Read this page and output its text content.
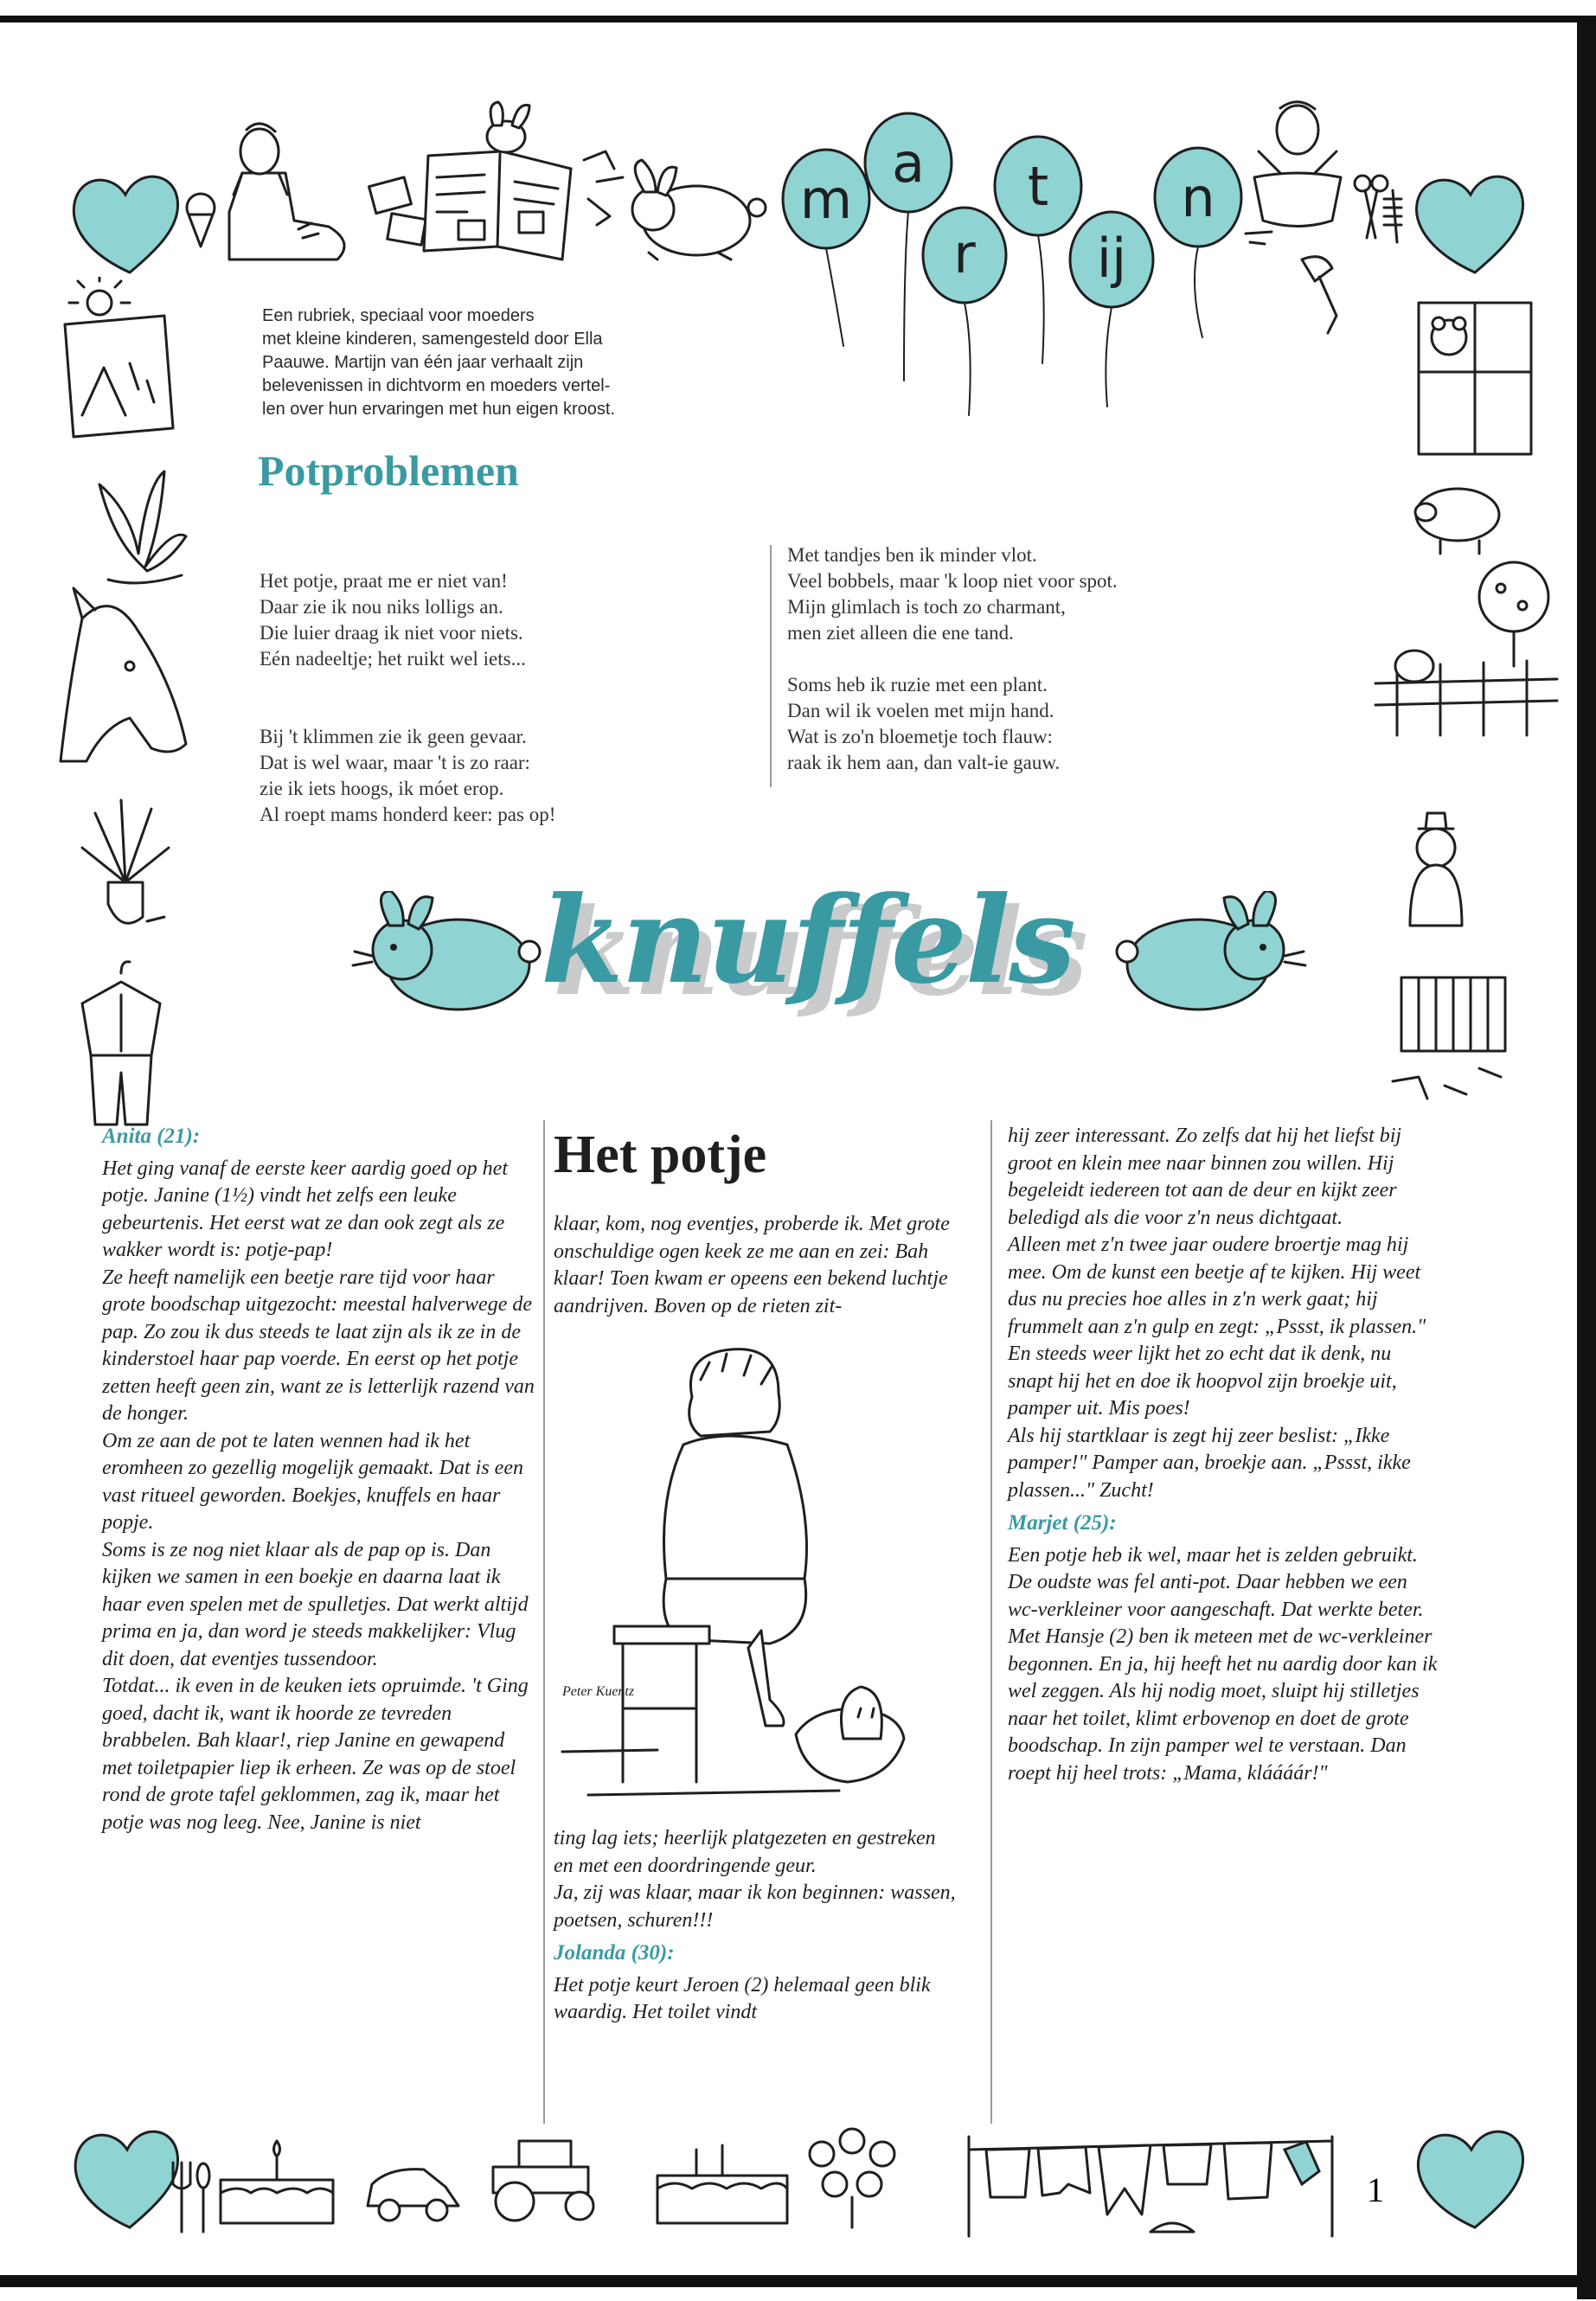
m
a
r
t
ij
n
Een rubriek, speciaal voor moeders
met kleine kinderen, samengesteld door Ella
Paauwe. Martijn van één jaar verhaalt zijn
belevenissen in dichtvorm en moeders vertel-
len over hun ervaringen met hun eigen kroost.
Potproblemen

Het potje, praat me er niet van!
Daar zie ik nou niks lolligs an.
Die luier draag ik niet voor niets.
Eén nadeeltje; het ruikt wel iets...

Bij 't klimmen zie ik geen gevaar.
Dat is wel waar, maar 't is zo raar:
zie ik iets hoogs, ik móet erop.
Al roept mams honderd keer: pas op!
Met tandjes ben ik minder vlot.
Veel bobbels, maar 'k loop niet voor spot.
Mijn glimlach is toch zo charmant,
men ziet alleen die ene tand.
Soms heb ik ruzie met een plant.
Dan wil ik voelen met mijn hand.
Wat is zo'n bloemetje toch flauw:
raak ik hem aan, dan valt-ie gauw.
knuffels

Anita (21):

Het ging vanaf de eerste keer aardig goed op het potje. Janine (1½) vindt het zelfs een leuke gebeurtenis. Het eerst wat ze dan ook zegt als ze wakker wordt is: potje-pap!

Ze heeft namelijk een beetje rare tijd voor haar grote boodschap uitgezocht: meestal halverwege de pap. Zo zou ik dus steeds te laat zijn als ik ze in de kinderstoel haar pap voerde. En eerst op het potje zetten heeft geen zin, want ze is letterlijk razend van de honger.

Om ze aan de pot te laten wennen had ik het eromheen zo gezellig mogelijk gemaakt. Dat is een vast ritueel geworden. Boekjes, knuffels en haar popje.

Soms is ze nog niet klaar als de pap op is. Dan kijken we samen in een boekje en daarna laat ik haar even spelen met de spulletjes. Dat werkt altijd prima en ja, dan word je steeds makkelijker: Vlug dit doen, dat eventjes tussendoor.

Totdat... ik even in de keuken iets opruimde. 't Ging goed, dacht ik, want ik hoorde ze tevreden brabbelen. Bah klaar!, riep Janine en gewapend met toiletpapier liep ik erheen. Ze was op de stoel rond de grote tafel geklommen, zag ik, maar het potje was nog leeg. Nee, Janine is niet

Het potje

klaar, kom, nog eventjes, proberde ik. Met grote onschuldige ogen keek ze me aan en zei: Bah klaar! Toen kwam er opeens een bekend luchtje aandrijven. Boven op de rieten zit-

Peter Kuentz

ting lag iets; heerlijk platgezeten en gestreken en met een doordringende geur.

Ja, zij was klaar, maar ik kon beginnen: wassen, poetsen, schuren!!!

Jolanda (30):

Het potje keurt Jeroen (2) helemaal geen blik waardig. Het toilet vindt

hij zeer interessant. Zo zelfs dat hij het liefst bij groot en klein mee naar binnen zou willen. Hij begeleidt iedereen tot aan de deur en kijkt zeer beledigd als die voor z'n neus dichtgaat.

Alleen met z'n twee jaar oudere broertje mag hij mee. Om de kunst een beetje af te kijken. Hij weet dus nu precies hoe alles in z'n werk gaat; hij frummelt aan z'n gulp en zegt: „Pssst, ik plassen." En steeds weer lijkt het zo echt dat ik denk, nu snapt hij het en doe ik hoopvol zijn broekje uit, pamper uit. Mis poes!

Als hij startklaar is zegt hij zeer beslist: „Ikke pamper!" Pamper aan, broekje aan. „Pssst, ikke plassen..." Zucht!

Marjet (25):

Een potje heb ik wel, maar het is zelden gebruikt. De oudste was fel anti-pot. Daar hebben we een wc-verkleiner voor aangeschaft. Dat werkte beter. Met Hansje (2) ben ik meteen met de wc-verkleiner begonnen. En ja, hij heeft het nu aardig door kan ik wel zeggen. Als hij nodig moet, sluipt hij stilletjes naar het toilet, klimt erbovenop en doet de grote boodschap. In zijn pamper wel te verstaan. Dan roept hij heel trots: „Mama, kláááár!"

1
